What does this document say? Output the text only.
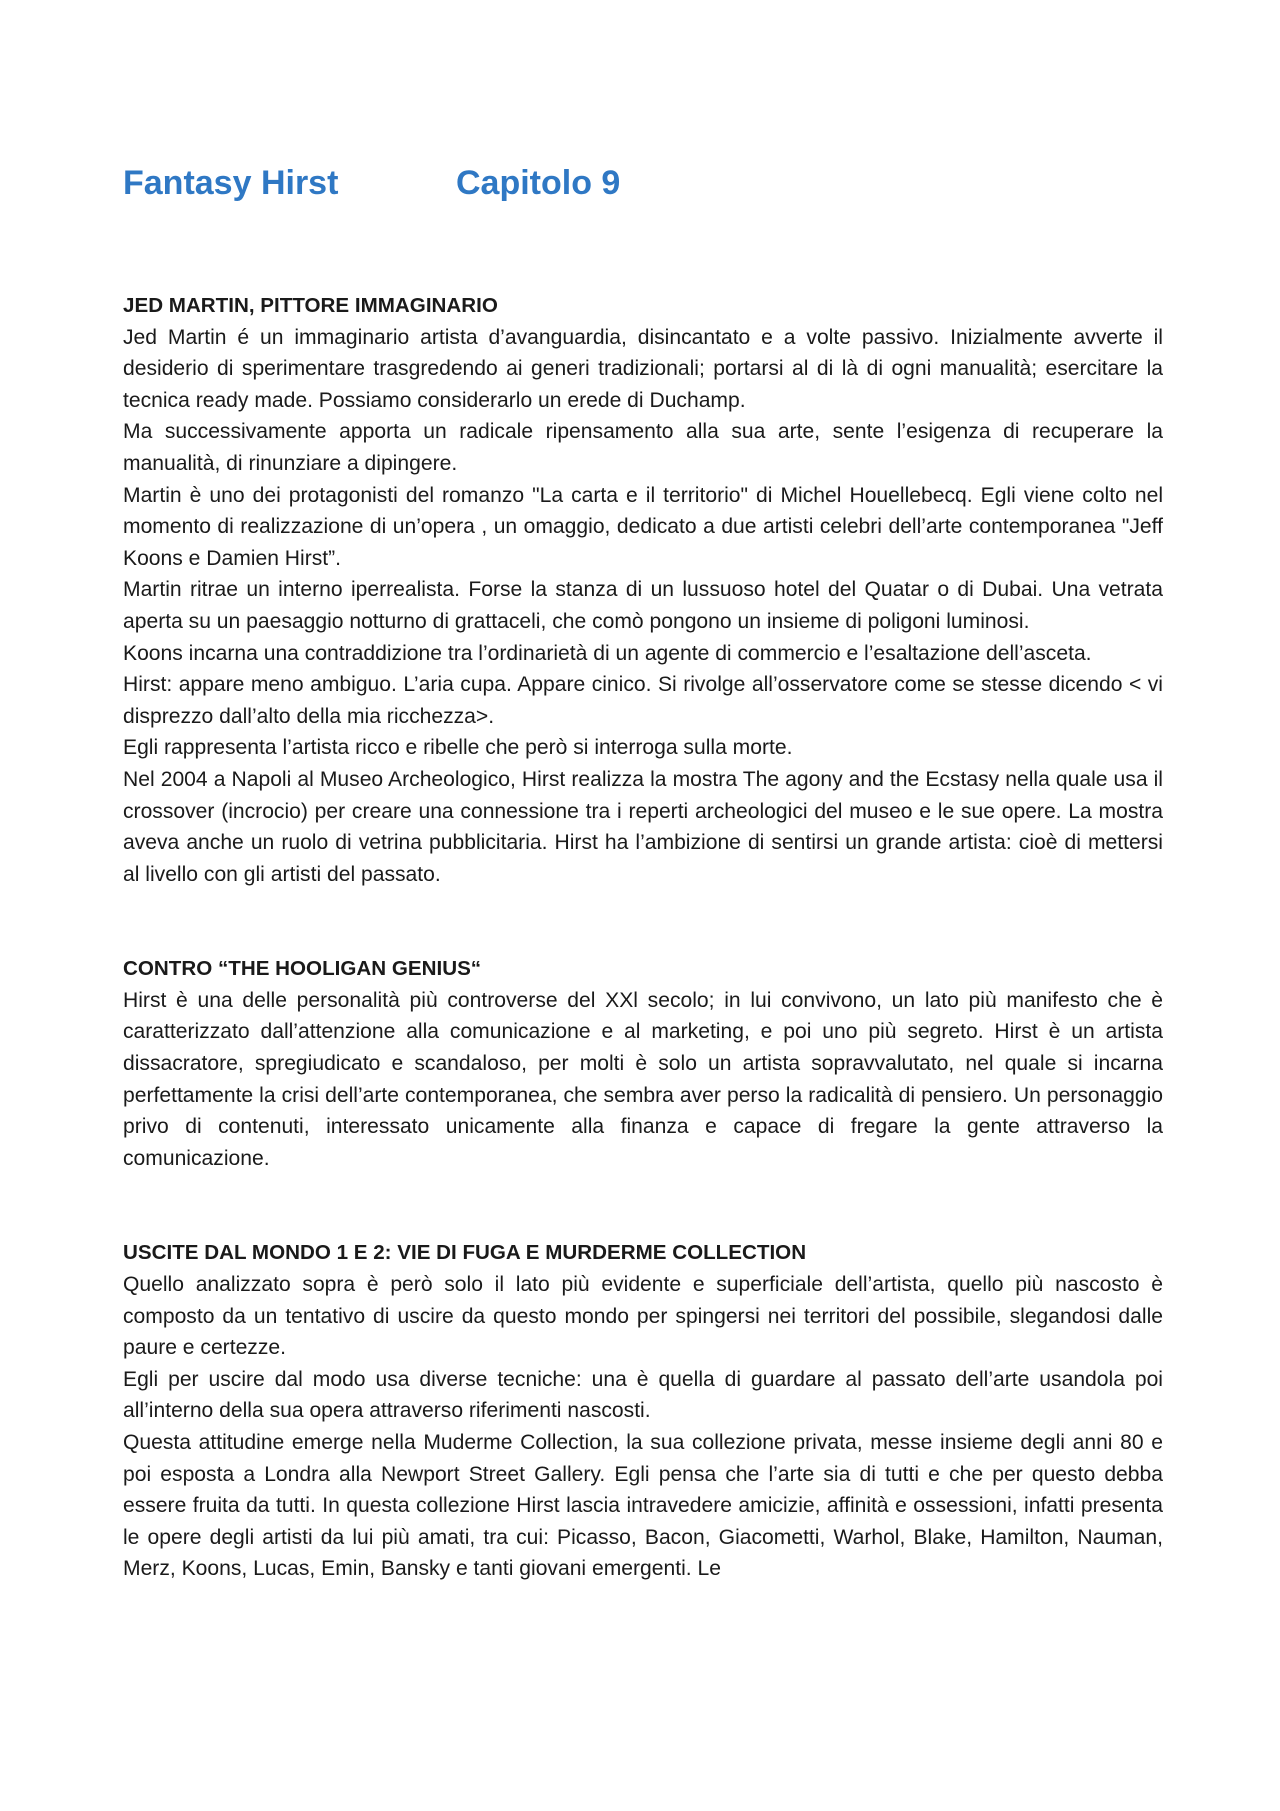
Fantasy Hirst	Capitolo 9
JED MARTIN, PITTORE IMMAGINARIO

Jed Martin é un immaginario artista d’avanguardia, disincantato e a volte passivo. Inizialmente avverte il desiderio di sperimentare trasgredendo ai generi tradizionali; portarsi al di là di ogni manualità; esercitare la tecnica ready made. Possiamo considerarlo un erede di Duchamp.

Ma successivamente apporta un radicale ripensamento alla sua arte, sente l’esigenza di recuperare la manualità, di rinunziare a dipingere.

Martin è uno dei protagonisti del romanzo "La carta e il territorio" di Michel Houellebecq. Egli viene colto nel momento di realizzazione di un’opera , un omaggio, dedicato a due artisti celebri dell’arte contemporanea "Jeff Koons e Damien Hirst”.

Martin ritrae un interno iperrealista. Forse la stanza di un lussuoso hotel del Quatar o di Dubai. Una vetrata aperta su un paesaggio notturno di grattaceli, che comò pongono un insieme di poligoni luminosi.

Koons incarna una contraddizione tra l’ordinarietà di un agente di commercio e l’esaltazione dell’asceta.

Hirst: appare meno ambiguo. L’aria cupa. Appare cinico. Si rivolge all’osservatore come se stesse dicendo < vi disprezzo dall’alto della mia ricchezza>.

Egli rappresenta l’artista ricco e ribelle che però si interroga sulla morte.

Nel 2004 a Napoli al Museo Archeologico, Hirst realizza la mostra The agony and the Ecstasy nella quale usa il crossover (incrocio) per creare una connessione tra i reperti archeologici del museo e le sue opere. La mostra aveva anche un ruolo di vetrina pubblicitaria. Hirst ha l’ambizione di sentirsi un grande artista: cioè di mettersi al livello con gli artisti del passato.

CONTRO “THE HOOLIGAN GENIUS“

Hirst è una delle personalità più controverse del XXl secolo; in lui convivono, un lato più manifesto che è caratterizzato dall’attenzione alla comunicazione e al marketing, e poi uno più segreto. Hirst è un artista dissacratore, spregiudicato e scandaloso, per molti è solo un artista sopravvalutato, nel quale si incarna perfettamente la crisi dell’arte contemporanea, che sembra aver perso la radicalità di pensiero. Un personaggio privo di contenuti, interessato unicamente alla finanza e capace di fregare la gente attraverso la comunicazione.

USCITE DAL MONDO 1 E 2: VIE DI FUGA E MURDERME COLLECTION

Quello analizzato sopra è però solo il lato più evidente e superficiale dell’artista, quello più nascosto è composto da un tentativo di uscire da questo mondo per spingersi nei territori del possibile, slegandosi dalle paure e certezze.

Egli per uscire dal modo usa diverse tecniche: una è quella di guardare al passato dell’arte usandola poi all’interno della sua opera attraverso riferimenti nascosti.

Questa attitudine emerge nella Muderme Collection, la sua collezione privata, messe insieme degli anni 80 e poi esposta a Londra alla Newport Street Gallery. Egli pensa che l’arte sia di tutti e che per questo debba essere fruita da tutti. In questa collezione Hirst lascia intravedere amicizie, affinità e ossessioni, infatti presenta le opere degli artisti da lui più amati, tra cui: Picasso, Bacon, Giacometti, Warhol, Blake, Hamilton, Nauman, Merz, Koons, Lucas, Emin, Bansky e tanti giovani emergenti. Le
